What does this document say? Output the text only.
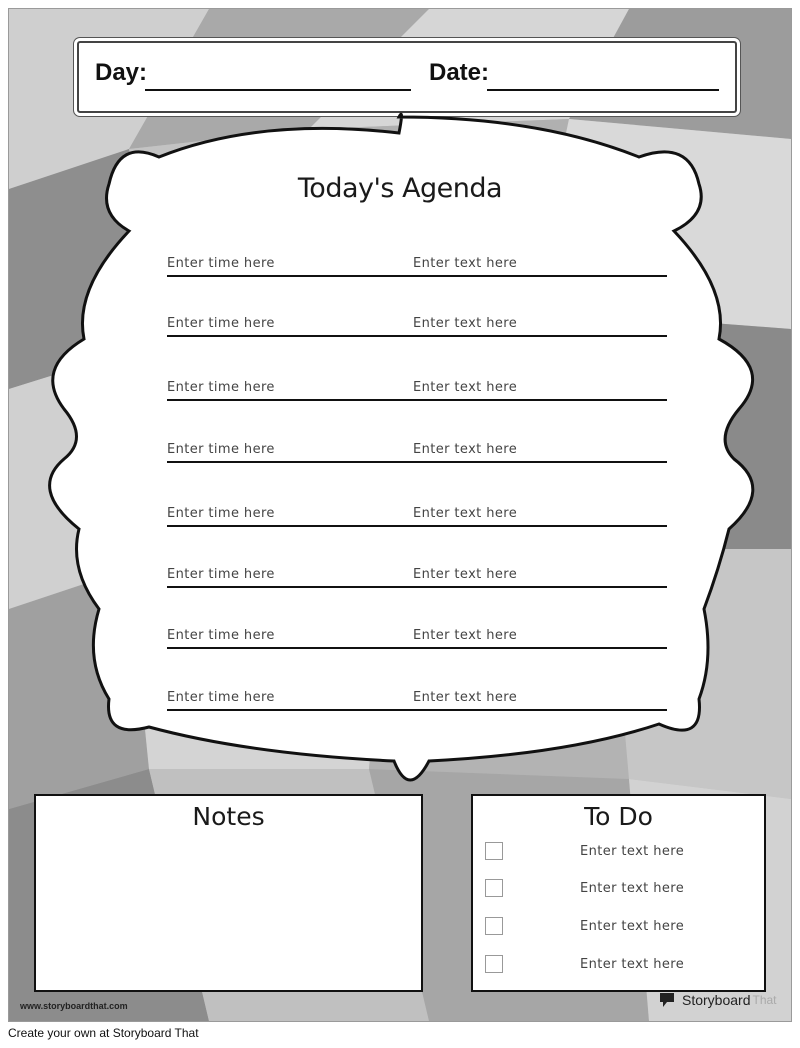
Day:	Date:
Today's Agenda
Enter time here	Enter text here
Enter time here	Enter text here
Enter time here	Enter text here
Enter time here	Enter text here
Enter time here	Enter text here
Enter time here	Enter text here
Enter time here	Enter text here
Enter time here	Enter text here
Notes	To Do
Enter text here
Enter text here
Enter text here
Enter text here
www.storyboardthat.com	Storyboard That
Create your own at Storyboard That
